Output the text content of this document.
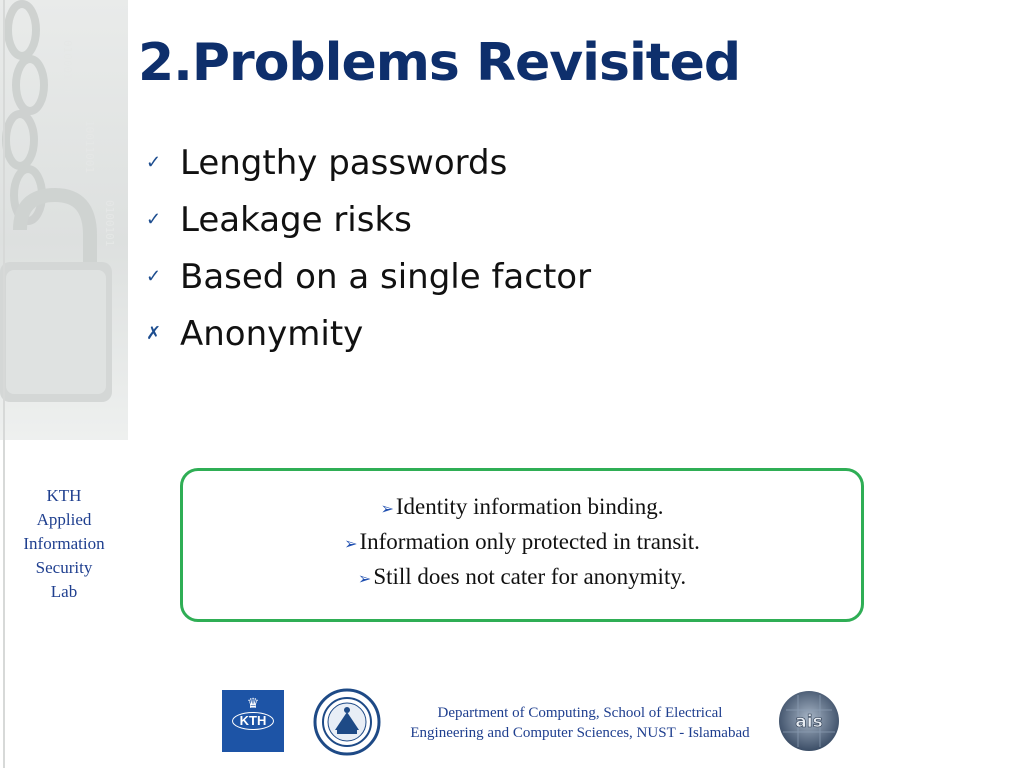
01000110
10011001
0100101
KTH
Applied
Information
Security
Lab
2.Problems Revisited
✓ Lengthy passwords
✓ Leakage risks
✓ Based on a single factor
✗ Anonymity
➢Identity information binding.
➢Information only protected in transit.
➢Still does not cater for anonymity.
♛
KTH	Department of Computing, School of Electrical Engineering and Computer Sciences, NUST - Islamabad
ais
